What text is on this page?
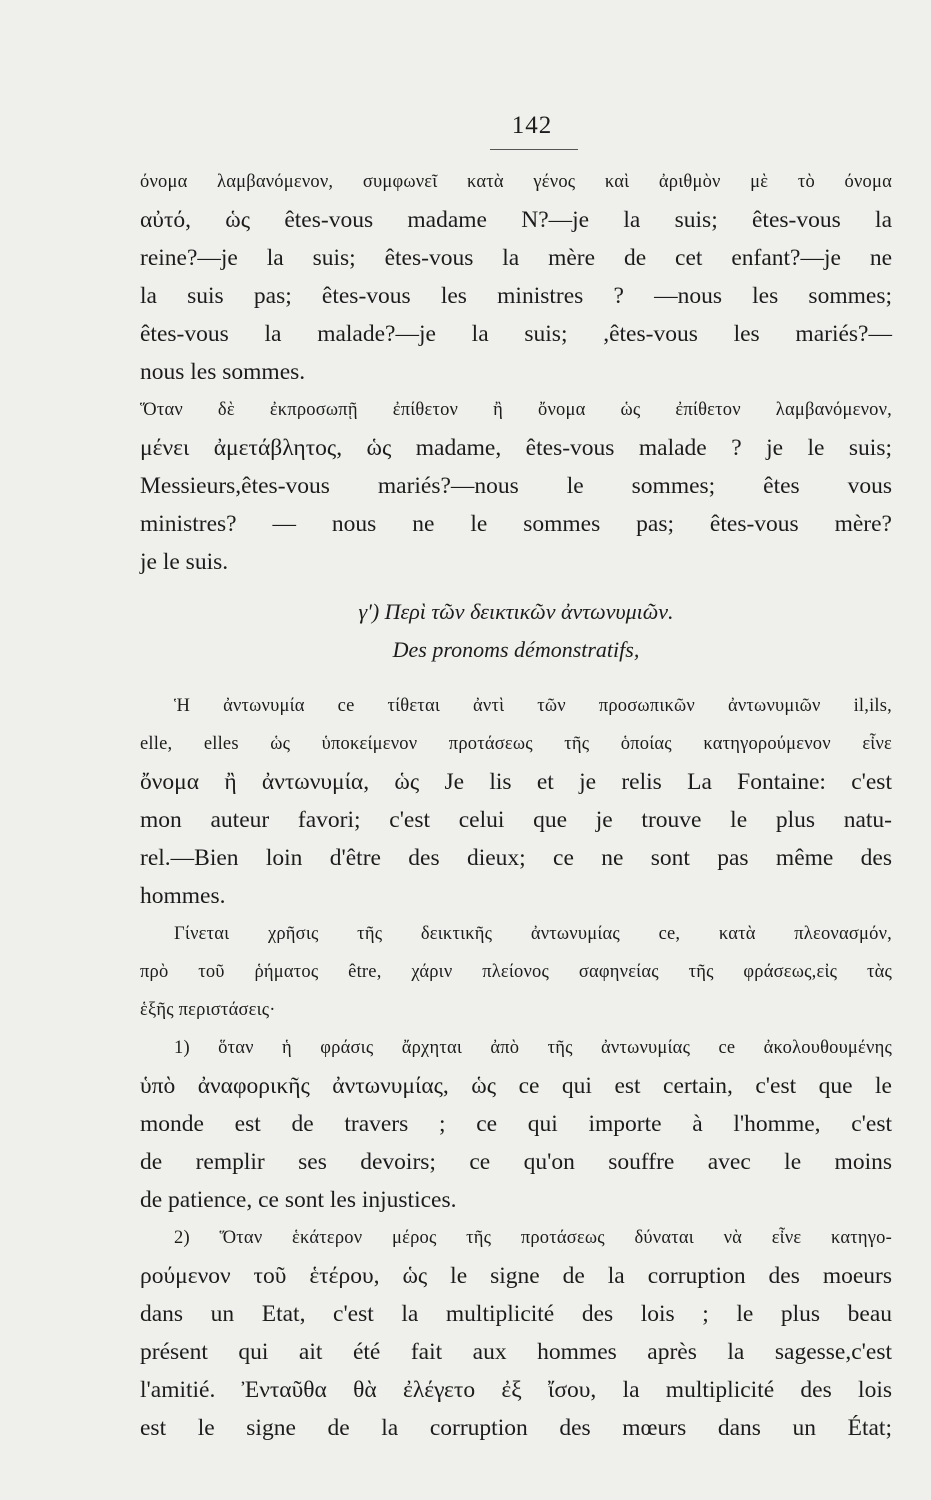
142
όνομα λαμβανόμενον, συμφωνεῖ κατὰ γένος καὶ ἀριθμὸν μὲ τὸ όνομα
αὐτό, ὡς êtes-vous madame N?—je la suis; êtes-vous la
reine?—je la suis; êtes-vous la mère de cet enfant?—je ne
la suis pas; êtes-vous les ministres ? —nous les sommes;
êtes-vous la malade?—je la suis; ,êtes-vous les mariés?—
nous les sommes.
Ὅταν δὲ ἐκπροσωπῇ ἐπίθετον ἢ ὄνομα ὡς ἐπίθετον λαμβανόμενον,
μένει ἀμετάβλητος, ὡς madame, êtes-vous malade ? je le suis;
Messieurs,êtes-vous mariés?—nous le sommes; êtes vous
ministres? — nous ne le sommes pas; êtes-vous mère?
je le suis.
γ') Περὶ τῶν δεικτικῶν ἀντωνυμιῶν.
Des pronoms démonstratifs,
Ἡ ἀντωνυμία ce τίθεται ἀντὶ τῶν προσωπικῶν ἀντωνυμιῶν il,ils,
elle, elles ὡς ὑποκείμενον προτάσεως τῆς ὁποίας κατηγορούμενον εἶνε
ὄνομα ἢ ἀντωνυμία, ὡς Je lis et je relis La Fontaine: c'est
mon auteur favori; c'est celui que je trouve le plus natu-
rel.—Bien loin d'être des dieux; ce ne sont pas même des
hommes.
Γίνεται χρῆσις τῆς δεικτικῆς ἀντωνυμίας ce, κατὰ πλεονασμόν,
πρὸ τοῦ ῥήματος être, χάριν πλείονος σαφηνείας τῆς φράσεως,εἰς τὰς
ἑξῆς περιστάσεις·
1) ὅταν ἡ φράσις ἄρχηται ἀπὸ τῆς ἀντωνυμίας ce ἀκολουθουμένης
ὑπὸ ἀναφορικῆς ἀντωνυμίας, ὡς ce qui est certain, c'est que le
monde est de travers ; ce qui importe à l'homme, c'est
de remplir ses devoirs; ce qu'on souffre avec le moins
de patience, ce sont les injustices.
2) Ὅταν ἑκάτερον μέρος τῆς προτάσεως δύναται νὰ εἶνε κατηγο-
ρούμενον τοῦ ἑτέρου, ὡς le signe de la corruption des moeurs
dans un Etat, c'est la multiplicité des lois ; le plus beau
présent qui ait été fait aux hommes après la sagesse,c'est
l'amitié. Ἐνταῦθα θὰ ἐλέγετο ἐξ ἴσου, la multiplicité des lois
est le signe de la corruption des mœurs dans un État;
